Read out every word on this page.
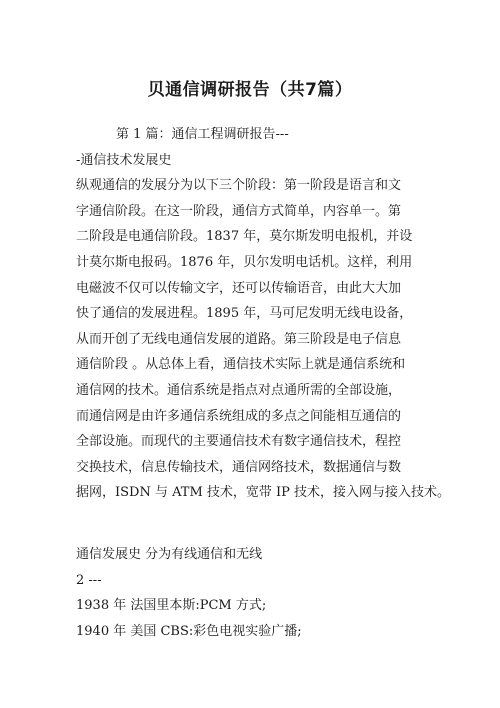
贝通信调研报告（共7篇）
第 1 篇：通信工程调研报告---
-通信技术发展史
纵观通信的发展分为以下三个阶段：第一阶段是语言和文
字通信阶段。在这一阶段，通信方式简单，内容单一。第
二阶段是电通信阶段。1837 年，莫尔斯发明电报机，并设
计莫尔斯电报码。1876 年，贝尔发明电话机。这样，利用
电磁波不仅可以传输文字，还可以传输语音，由此大大加
快了通信的发展进程。1895 年，马可尼发明无线电设备，
从而开创了无线电通信发展的道路。第三阶段是电子信息
通信阶段 。从总体上看，通信技术实际上就是通信系统和
通信网的技术。通信系统是指点对点通所需的全部设施，
而通信网是由许多通信系统组成的多点之间能相互通信的
全部设施。而现代的主要通信技术有数字通信技术，程控
交换技术，信息传输技术，通信网络技术，数据通信与数
据网，ISDN 与 ATM 技术，宽带 IP 技术，接入网与接入技术。
通信发展史 分为有线通信和无线
2 ---
1938 年 法国里本斯:PCM 方式;
1940 年 美国 CBS:彩色电视实验广播;
